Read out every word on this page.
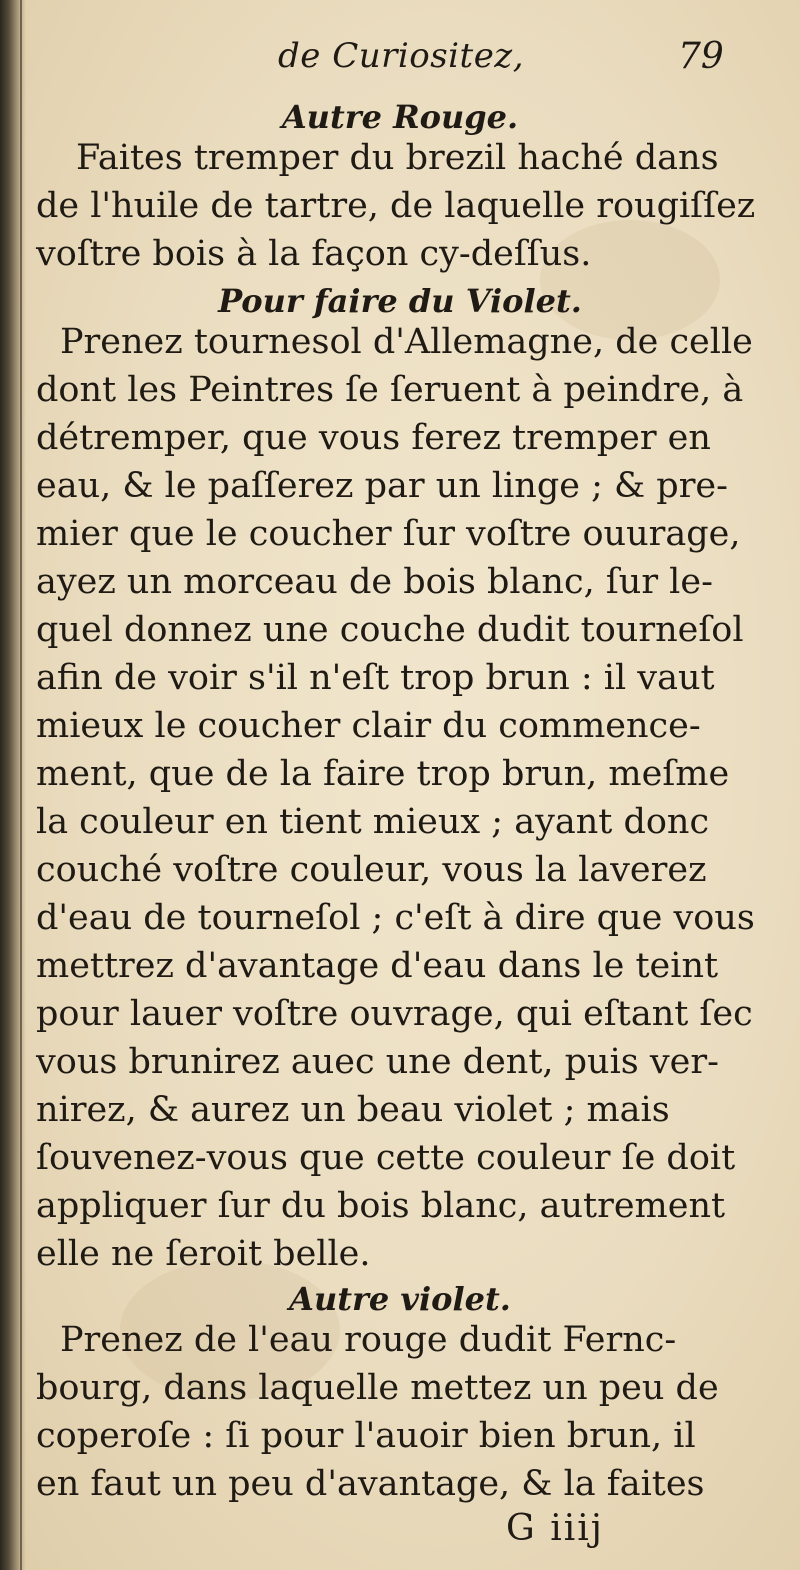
de Curiositez,	79
Autre Rouge.
Faites tremper du brezil haché dans
de l'huile de tartre, de laquelle rougiſſez
voſtre bois à la façon cy-deſſus.
Pour faire du Violet.
Prenez tournesol d'Allemagne, de celle
dont les Peintres ſe ſeruent à peindre, à
détremper, que vous ferez tremper en
eau, & le paſſerez par un linge ; & pre-
mier que le coucher ſur voſtre ouurage,
ayez un morceau de bois blanc, ſur le-
quel donnez une couche dudit tourneſol
afin de voir s'il n'eſt trop brun : il vaut
mieux le coucher clair du commence-
ment, que de la faire trop brun, meſme
la couleur en tient mieux ; ayant donc
couché voſtre couleur, vous la laverez
d'eau de tourneſol ; c'eſt à dire que vous
mettrez d'avantage d'eau dans le teint
pour lauer voſtre ouvrage, qui eſtant ſec
vous brunirez auec une dent, puis ver-
nirez, & aurez un beau violet ; mais
ſouvenez-vous que cette couleur ſe doit
appliquer ſur du bois blanc, autrement
elle ne ſeroit belle.
Autre violet.
Prenez de l'eau rouge dudit Fernc-
bourg, dans laquelle mettez un peu de
coperoſe : ſi pour l'auoir bien brun, il
en faut un peu d'avantage, & la faites
G iiij
